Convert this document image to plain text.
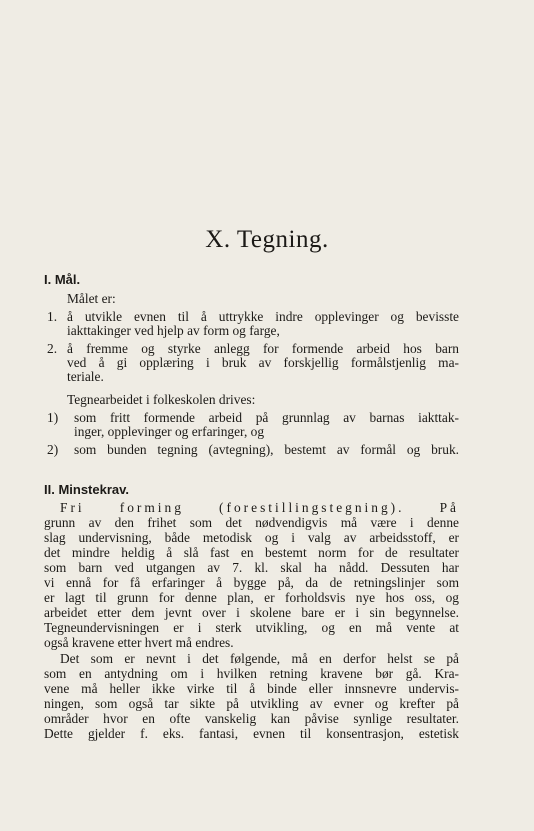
X. Tegning.
I. Mål.
Målet er:
1. å utvikle evnen til å uttrykke indre opplevinger og bevisste
iakttakinger ved hjelp av form og farge,
2. å fremme og styrke anlegg for formende arbeid hos barn
ved å gi opplæring i bruk av forskjellig formålstjenlig ma-
teriale.
Tegnearbeidet i folkeskolen drives:
1) som fritt formende arbeid på grunnlag av barnas iakttak-
inger, opplevinger og erfaringer, og
2) som bunden tegning (avtegning), bestemt av formål og bruk.
II. Minstekrav.
Fri forming (forestillingstegning). På
grunn av den frihet som det nødvendigvis må være i denne
slag undervisning, både metodisk og i valg av arbeidsstoff, er
det mindre heldig å slå fast en bestemt norm for de resultater
som barn ved utgangen av 7. kl. skal ha nådd. Dessuten har
vi ennå for få erfaringer å bygge på, da de retningslinjer som
er lagt til grunn for denne plan, er forholdsvis nye hos oss, og
arbeidet etter dem jevnt over i skolene bare er i sin begynnelse.
Tegneundervisningen er i sterk utvikling, og en må vente at
også kravene etter hvert må endres.
Det som er nevnt i det følgende, må en derfor helst se på
som en antydning om i hvilken retning kravene bør gå. Kra-
vene må heller ikke virke til å binde eller innsnevre undervis-
ningen, som også tar sikte på utvikling av evner og krefter på
områder hvor en ofte vanskelig kan påvise synlige resultater.
Dette gjelder f. eks. fantasi, evnen til konsentrasjon, estetisk
